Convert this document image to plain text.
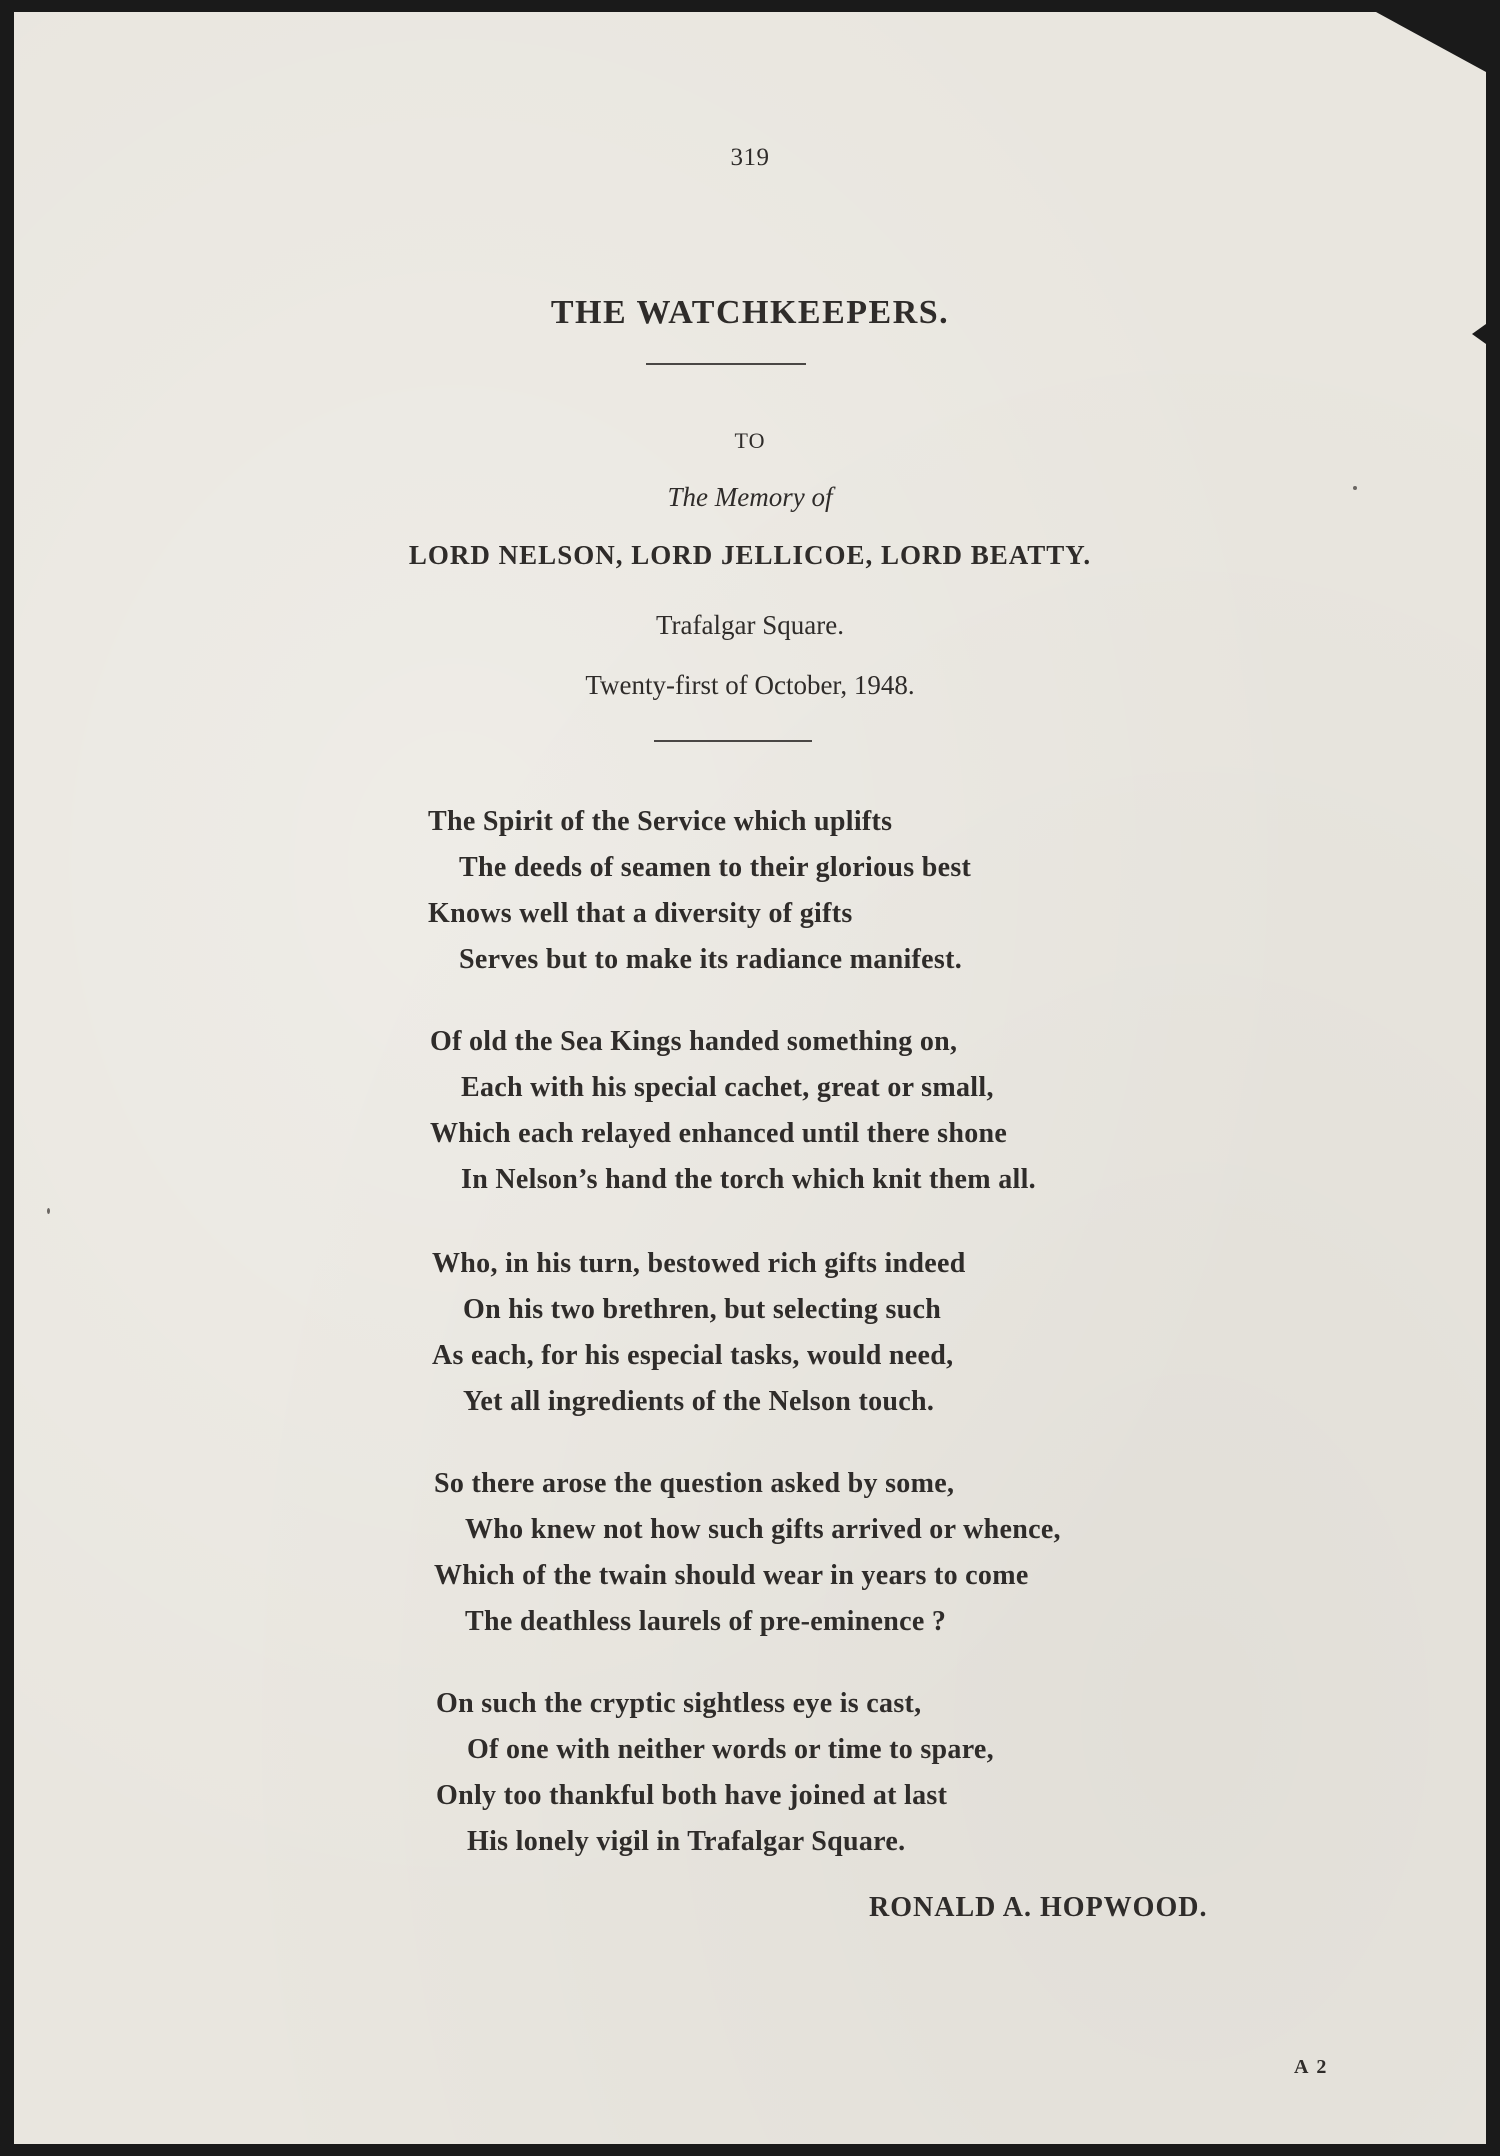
319
THE WATCHKEEPERS.
TO
The Memory of
LORD NELSON, LORD JELLICOE, LORD BEATTY.
Trafalgar Square.
Twenty-first of October, 1948.
The Spirit of the Service which uplifts
The deeds of seamen to their glorious best
Knows well that a diversity of gifts
Serves but to make its radiance manifest.
Of old the Sea Kings handed something on,
Each with his special cachet, great or small,
Which each relayed enhanced until there shone
In Nelson’s hand the torch which knit them all.
Who, in his turn, bestowed rich gifts indeed
On his two brethren, but selecting such
As each, for his especial tasks, would need,
Yet all ingredients of the Nelson touch.
So there arose the question asked by some,
Who knew not how such gifts arrived or whence,
Which of the twain should wear in years to come
The deathless laurels of pre-eminence ?
On such the cryptic sightless eye is cast,
Of one with neither words or time to spare,
Only too thankful both have joined at last
His lonely vigil in Trafalgar Square.
RONALD A. HOPWOOD.
A 2
